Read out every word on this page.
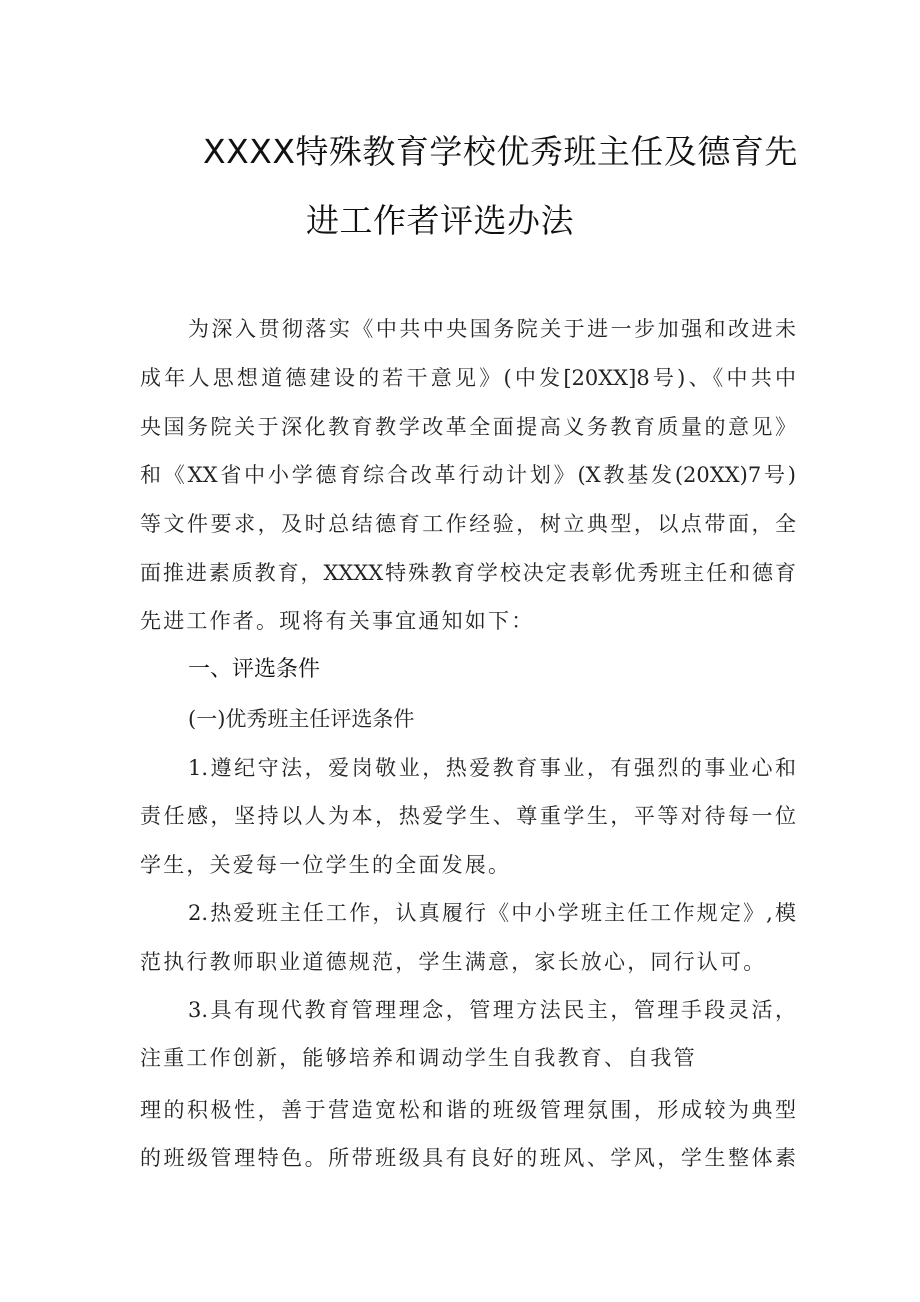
XXXX特殊教育学校优秀班主任及德育先
进工作者评选办法
为深入贯彻落实《中共中央国务院关于进一步加强和改进未
成年人思想道德建设的若干意见》(中发[20XX]8号)、《中共中
央国务院关于深化教育教学改革全面提高义务教育质量的意见》
和《XX省中小学德育综合改革行动计划》(X教基发(20XX)7号)
等文件要求，及时总结德育工作经验，树立典型，以点带面，全
面推进素质教育，XXXX特殊教育学校决定表彰优秀班主任和德育
先进工作者。现将有关事宜通知如下：
一、评选条件
(一)优秀班主任评选条件
1.遵纪守法，爱岗敬业，热爱教育事业，有强烈的事业心和
责任感，坚持以人为本，热爱学生、尊重学生，平等对待每一位
学生，关爱每一位学生的全面发展。
2.热爱班主任工作，认真履行《中小学班主任工作规定》,模
范执行教师职业道德规范，学生满意，家长放心，同行认可。
3.具有现代教育管理理念，管理方法民主，管理手段灵活，
注重工作创新，能够培养和调动学生自我教育、自我管
理的积极性，善于营造宽松和谐的班级管理氛围，形成较为典型
的班级管理特色。所带班级具有良好的班风、学风，学生整体素
